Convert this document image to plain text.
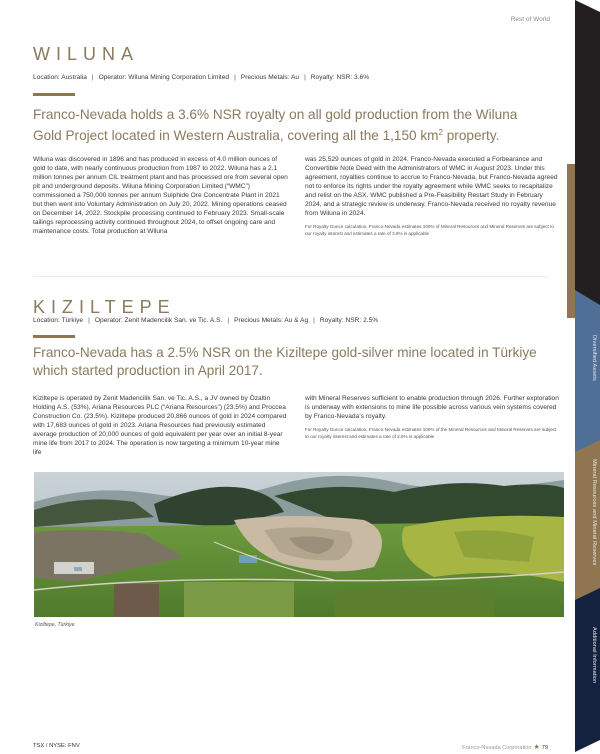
Rest of World
WILUNA
Location: Australia | Operator: Wiluna Mining Corporation Limited | Precious Metals: Au | Royalty: NSR: 3.6%
Franco-Nevada holds a 3.6% NSR royalty on all gold production from the Wiluna Gold Project located in Western Australia, covering all the 1,150 $km^2$ property.
Wiluna was discovered in 1896 and has produced in excess of 4.0 million ounces of gold to date, with nearly continuous production from 1987 to 2022. Wiluna has a 2.1 million tonnes per annum CIL treatment plant and has processed ore from several open pit and underground deposits. Wiluna Mining Corporation Limited (“WMC”) commissioned a 750,000 tonnes per annum Sulphide Ore Concentrate Plant in 2021 but then went into Voluntary Administration on July 20, 2022. Mining operations ceased on December 14, 2022. Stockpile processing continued to February 2023. Small-scale tailings reprocessing activity continued throughout 2024, to offset ongoing care and maintenance costs. Total production at Wiluna
was 25,529 ounces of gold in 2024. Franco-Nevada executed a Forbearance and Convertible Note Deed with the Administrators of WMC in August 2023. Under this agreement, royalties continue to accrue to Franco-Nevada, but Franco-Nevada agreed not to enforce its rights under the royalty agreement while WMC seeks to recapitalize and relist on the ASX. WMC published a Pre-Feasibility Restart Study in February 2024, and a strategic review is underway. Franco-Nevada received no royalty revenue from Wiluna in 2024.
For Royalty Ounce calculation, Franco-Nevada estimates 100% of Mineral Resources and Mineral Reserves are subject to our royalty interest and estimates a rate of 3.6% is applicable
KIZILTEPE
Location: Türkiye | Operator: Zenit Madencilik San. ve Tic. A.S. | Precious Metals: Au & Ag | Royalty: NSR: 2.5%
Franco-Nevada has a 2.5% NSR on the Kiziltepe gold-silver mine located in Türkiye which started production in April 2017.
Kiziltepe is operated by Zenit Madencilik San. ve Tic. A.S., a JV owned by Özaltin Holding A.S. (53%), Ariana Resources PLC (“Ariana Resources”) (23.5%) and Proccea Construction Co. (23.5%). Kiziltepe produced 20,866 ounces of gold in 2024 compared with 17,683 ounces of gold in 2023. Ariana Resources had previously estimated average production of 20,000 ounces of gold equivalent per year over an initial 8-year mine life from 2017 to 2024. The operation is now targeting a minimum 10-year mine life
with Mineral Reserves sufficient to enable production through 2026. Further exploration is underway with extensions to mine life possible across various vein systems covered by Franco-Nevada’s royalty.
For Royalty Ounce calculation, Franco-Nevada estimates 100% of the Mineral Resources and Mineral Reserves are subject to our royalty interest and estimates a rate of 2.5% is applicable
Kiziltepe, Türkiye
TSX / NYSE: FNV	Franco-Nevada Corporation ★ 79
Diversified Assets
Mineral Resources and Mineral Reserves
Additional Information
